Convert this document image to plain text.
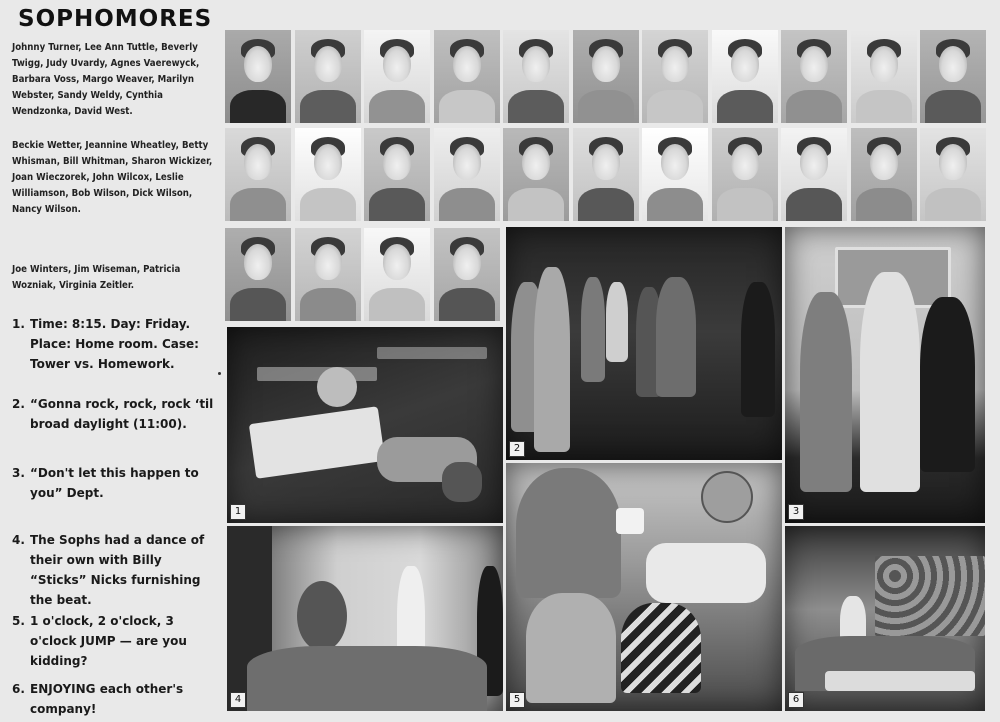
SOPHOMORES
Johnny Turner, Lee Ann Tuttle, Beverly Twigg, Judy Uvardy, Agnes Vaerewyck, Barbara Voss, Margo Weaver, Marilyn Webster, Sandy Weldy, Cynthia Wendzonka, David West.
Beckie Wetter, Jeannine Wheatley, Betty Whisman, Bill Whitman, Sharon Wickizer, Joan Wieczorek, John Wilcox, Leslie Williamson, Bob Wilson, Dick Wilson, Nancy Wilson.
Joe Winters, Jim Wiseman, Patricia Wozniak, Virginia Zeitler.
1. Time: 8:15. Day: Friday. Place: Home room. Case: Tower vs. Homework.
2. “Gonna rock, rock, rock ‘til broad daylight (11:00).
3. “Don't let this happen to you” Dept.
4. The Sophs had a dance of their own with Billy “Sticks” Nicks furnishing the beat.
5. 1 o'clock, 2 o'clock, 3 o'clock JUMP — are you kidding?
6. ENJOYING each other's company!
1
2
3
4	5	6
